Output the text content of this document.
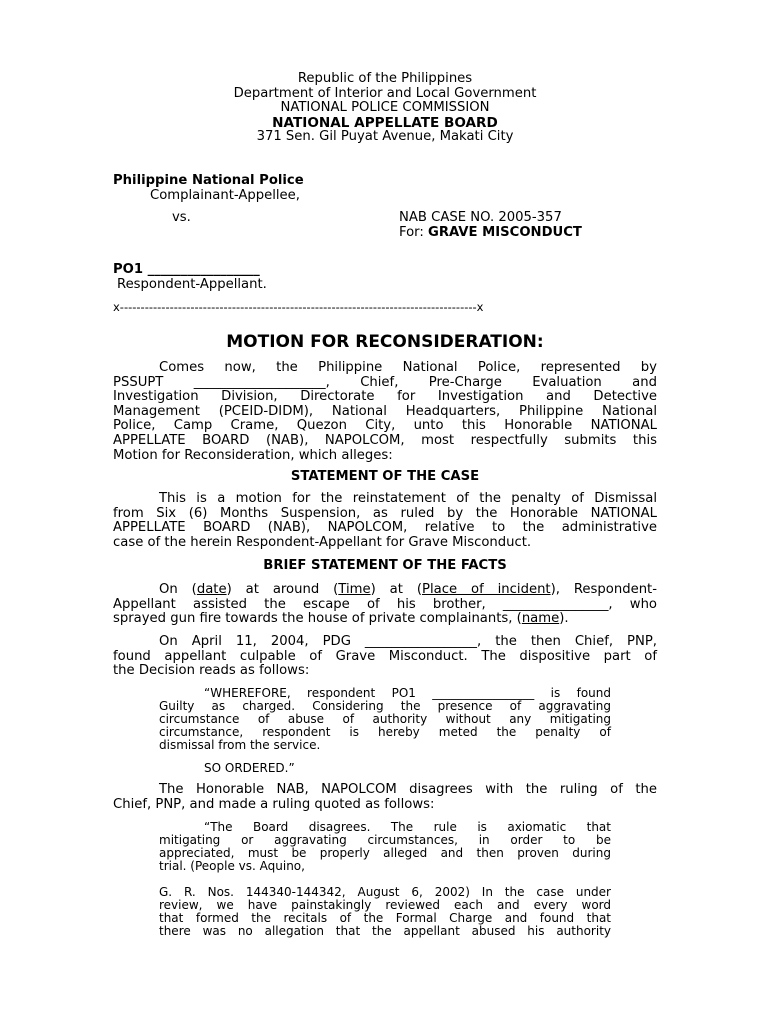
Republic of the Philippines
Department of Interior and Local Government
NATIONAL POLICE COMMISSION
NATIONAL APPELLATE BOARD
371 Sen. Gil Puyat Avenue, Makati City
Philippine National Police
Complainant-Appellee,
vs.	NAB CASE NO. 2005-357
For: GRAVE MISCONDUCT
PO1 _________________
Respondent-Appellant.
x--------------------------------------------------------------------------------------x
MOTION FOR RECONSIDERATION:
Comes now, the Philippine National Police, represented by
PSSUPT ____________________, Chief, Pre-Charge Evaluation and
Investigation Division, Directorate for Investigation and Detective
Management (PCEID-DIDM), National Headquarters, Philippine National
Police, Camp Crame, Quezon City, unto this Honorable NATIONAL
APPELLATE BOARD (NAB), NAPOLCOM, most respectfully submits this
Motion for Reconsideration, which alleges:
STATEMENT OF THE CASE
This is a motion for the reinstatement of the penalty of Dismissal
from Six (6) Months Suspension, as ruled by the Honorable NATIONAL
APPELLATE BOARD (NAB), NAPOLCOM, relative to the administrative
case of the herein Respondent-Appellant for Grave Misconduct.
BRIEF STATEMENT OF THE FACTS
On (date) at around (Time) at (Place of incident), Respondent-
Appellant assisted the escape of his brother, ________________, who
sprayed gun fire towards the house of private complainants, (name).
On April 11, 2004, PDG _________________, the then Chief, PNP,
found appellant culpable of Grave Misconduct. The dispositive part of
the Decision reads as follows:
“WHEREFORE, respondent PO1 _________________ is found
Guilty as charged. Considering the presence of aggravating
circumstance of abuse of authority without any mitigating
circumstance, respondent is hereby meted the penalty of
dismissal from the service.
SO ORDERED.”
The Honorable NAB, NAPOLCOM disagrees with the ruling of the
Chief, PNP, and made a ruling quoted as follows:
“The Board disagrees. The rule is axiomatic that
mitigating or aggravating circumstances, in order to be
appreciated, must be properly alleged and then proven during
trial. (People vs. Aquino,
G. R. Nos. 144340-144342, August 6, 2002) In the case under
review, we have painstakingly reviewed each and every word
that formed the recitals of the Formal Charge and found that
there was no allegation that the appellant abused his authority
